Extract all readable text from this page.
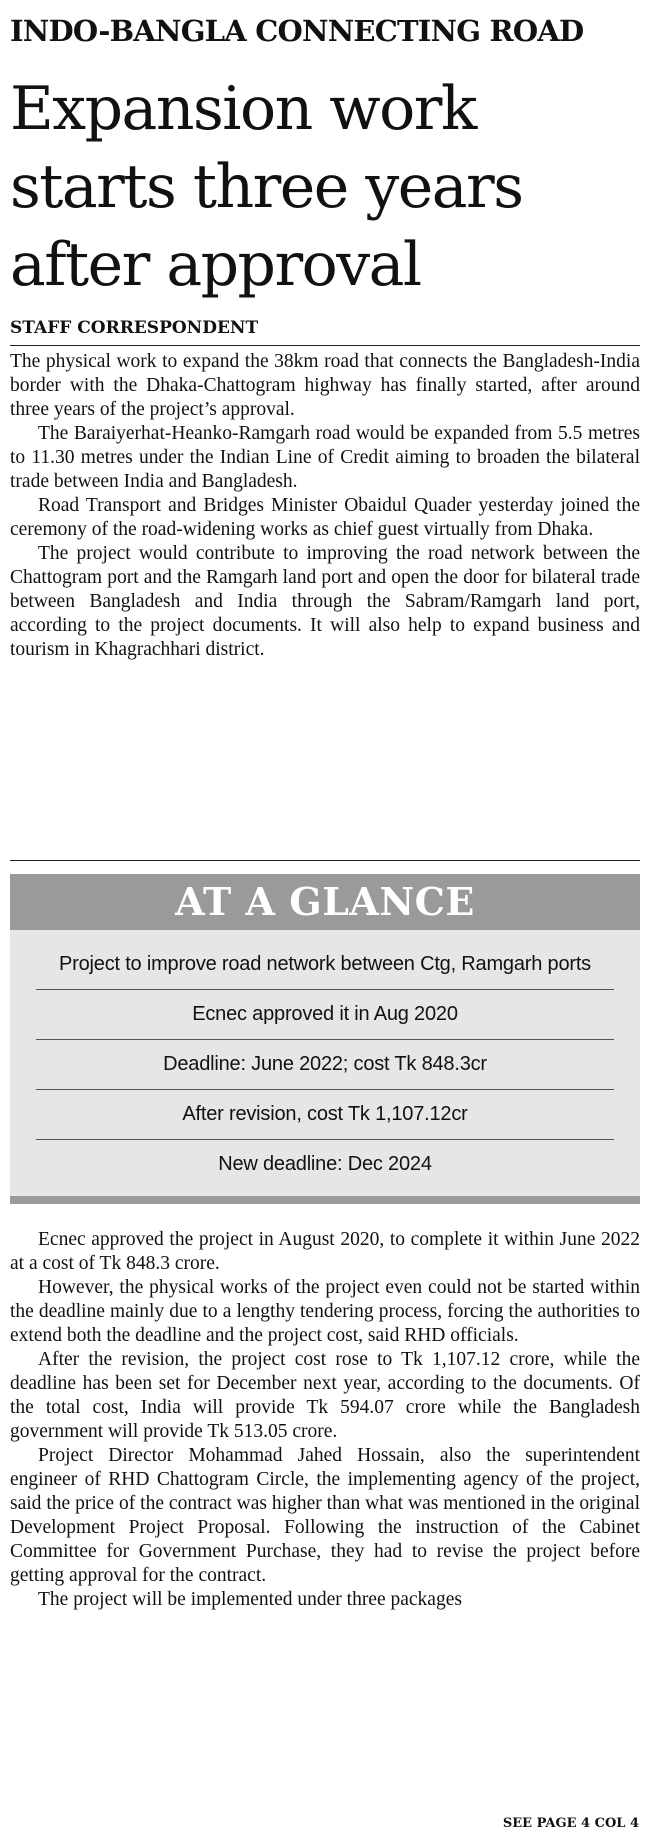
INDO-BANGLA CONNECTING ROAD
Expansion work starts three years after approval
STAFF CORRESPONDENT

The physical work to expand the 38km road that connects the Bangladesh-India border with the Dhaka-Chattogram highway has finally started, after around three years of the project’s approval.

The Baraiyerhat-Heanko-Ramgarh road would be expanded from 5.5 metres to 11.30 metres under the Indian Line of Credit aiming to broaden the bilateral trade between India and Bangladesh.

Road Transport and Bridges Minister Obaidul Quader yesterday joined the ceremony of the road-widening works as chief guest virtually from Dhaka.

The project would contribute to improving the road network between the Chattogram port and the Ramgarh land port and open the door for bilateral trade between Bangladesh and India through the Sabram/Ramgarh land port, according to the project documents. It will also help to expand business and tourism in Khagrachhari district.

AT A GLANCE
Project to improve road network between Ctg, Ramgarh ports
Ecnec approved it in Aug 2020
Deadline: June 2022; cost Tk 848.3cr
After revision, cost Tk 1,107.12cr
New deadline: Dec 2024

Ecnec approved the project in August 2020, to complete it within June 2022 at a cost of Tk 848.3 crore.

However, the physical works of the project even could not be started within the deadline mainly due to a lengthy tendering process, forcing the authorities to extend both the deadline and the project cost, said RHD officials.

After the revision, the project cost rose to Tk 1,107.12 crore, while the deadline has been set for December next year, according to the documents. Of the total cost, India will provide Tk 594.07 crore while the Bangladesh government will provide Tk 513.05 crore.

Project Director Mohammad Jahed Hossain, also the superintendent engineer of RHD Chattogram Circle, the implementing agency of the project, said the price of the contract was higher than what was mentioned in the original Development Project Proposal. Following the instruction of the Cabinet Committee for Government Purchase, they had to revise the project before getting approval for the contract.

The project will be implemented under three packages

SEE PAGE 4 COL 4
